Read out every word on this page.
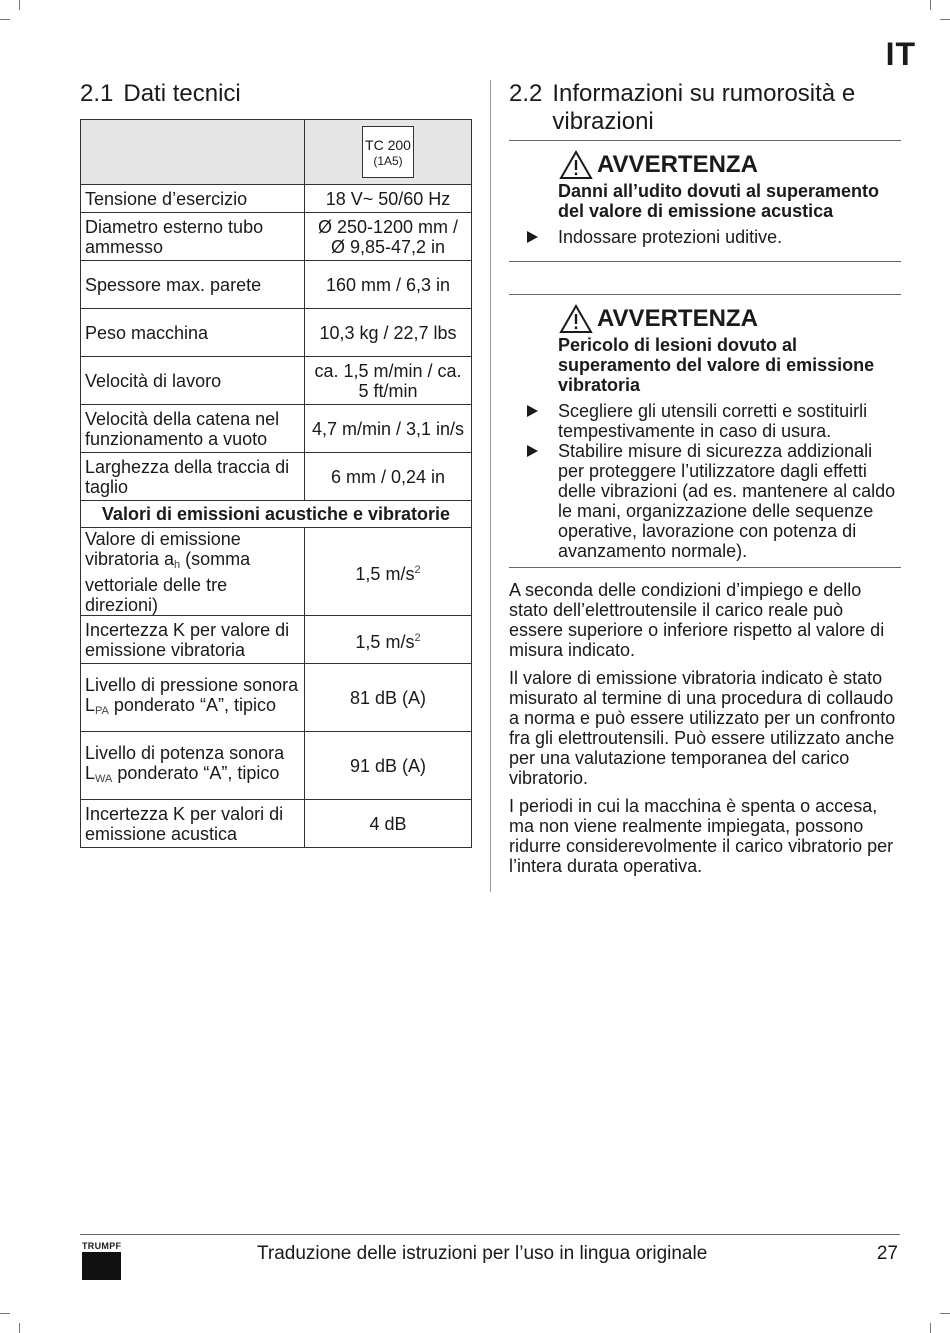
IT
2.1 Dati tecnici
	TC 200
(1A5)

Tensione d’esercizio	18 V~ 50/60 Hz
Diametro esterno tubo ammesso	Ø 250-1200 mm / Ø 9,85-47,2 in
Spessore max. parete	160 mm / 6,3 in
Peso macchina	10,3 kg / 22,7 lbs
Velocità di lavoro	ca. 1,5 m/min / ca. 5 ft/min
Velocità della catena nel funzionamento a vuoto	4,7 m/min / 3,1 in/s
Larghezza della traccia di taglio	6 mm / 0,24 in
Valori di emissioni acustiche e vibratorie	
Valore di emissione vibratoria $a_h$ (somma vettoriale delle tre direzioni)	1,5 $m/s^2$
Incertezza K per valore di emissione vibratoria	1,5 $m/s^2$
Livello di pressione sonora $L_{PA}$ ponderato “A”, tipico	81 dB (A)
Livello di potenza sonora $L_{WA}$ ponderato “A”, tipico	91 dB (A)
Incertezza K per valori di emissione acustica	4 dB
2.2 Informazioni su rumorosità e vibrazioni
AVVERTENZA
Danni all’udito dovuti al superamento del valore di emissione acustica
Indossare protezioni uditive.
AVVERTENZA
Pericolo di lesioni dovuto al superamento del valore di emissione vibratoria
Scegliere gli utensili corretti e sostituirli tempestivamente in caso di usura.
Stabilire misure di sicurezza addizionali per proteggere l’utilizzatore dagli effetti delle vibrazioni (ad es. mantenere al caldo le mani, organizzazione delle sequenze operative, lavorazione con potenza di avanzamento normale).

A seconda delle condizioni d’impiego e dello stato dell’elettroutensile il carico reale può essere superiore o inferiore rispetto al valore di misura indicato.

Il valore di emissione vibratoria indicato è stato misurato al termine di una procedura di collaudo a norma e può essere utilizzato per un confronto fra gli elettroutensili. Può essere utilizzato anche per una valutazione temporanea del carico vibratorio.

I periodi in cui la macchina è spenta o accesa, ma non viene realmente impiegata, possono ridurre considerevolmente il carico vibratorio per l’intera durata operativa.

TRUMPF	Traduzione delle istruzioni per l’uso in lingua originale	27
